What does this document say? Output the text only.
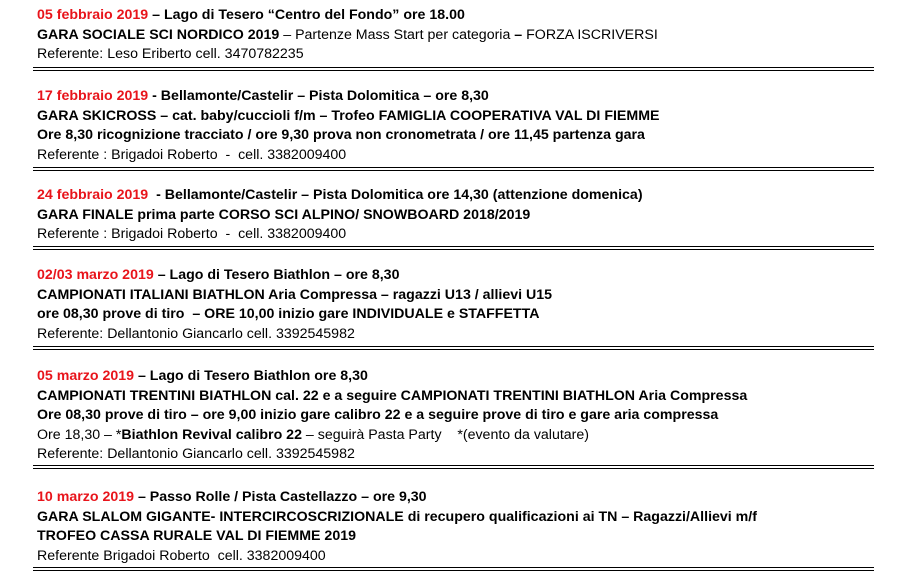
05 febbraio 2019 – Lago di Tesero “Centro del Fondo” ore 18.00
GARA SOCIALE SCI NORDICO 2019 – Partenze Mass Start per categoria – FORZA ISCRIVERSI
Referente: Leso Eriberto cell. 3470782235
17 febbraio 2019 - Bellamonte/Castelir – Pista Dolomitica – ore 8,30
GARA SKICROSS – cat. baby/cuccioli f/m – Trofeo FAMIGLIA COOPERATIVA VAL DI FIEMME
Ore 8,30 ricognizione tracciato / ore 9,30 prova non cronometrata / ore 11,45 partenza gara
Referente : Brigadoi Roberto  -  cell. 3382009400
24 febbraio 2019  - Bellamonte/Castelir – Pista Dolomitica ore 14,30 (attenzione domenica)
GARA FINALE prima parte CORSO SCI ALPINO/ SNOWBOARD 2018/2019
Referente : Brigadoi Roberto  -  cell. 3382009400
02/03 marzo 2019 – Lago di Tesero Biathlon – ore 8,30
CAMPIONATI ITALIANI BIATHLON Aria Compressa – ragazzi U13 / allievi U15
ore 08,30 prove di tiro  – ORE 10,00 inizio gare INDIVIDUALE e STAFFETTA
Referente: Dellantonio Giancarlo cell. 3392545982
05 marzo 2019 – Lago di Tesero Biathlon ore 8,30
CAMPIONATI TRENTINI BIATHLON cal. 22 e a seguire CAMPIONATI TRENTINI BIATHLON Aria Compressa
Ore 08,30 prove di tiro – ore 9,00 inizio gare calibro 22 e a seguire prove di tiro e gare aria compressa
Ore 18,30 – *Biathlon Revival calibro 22 – seguirà Pasta Party    *(evento da valutare)
Referente: Dellantonio Giancarlo cell. 3392545982
10 marzo 2019 – Passo Rolle / Pista Castellazzo – ore 9,30
GARA SLALOM GIGANTE- INTERCIRCOSCRIZIONALE di recupero qualificazioni ai TN – Ragazzi/Allievi m/f
TROFEO CASSA RURALE VAL DI FIEMME 2019
Referente Brigadoi Roberto  cell. 3382009400
